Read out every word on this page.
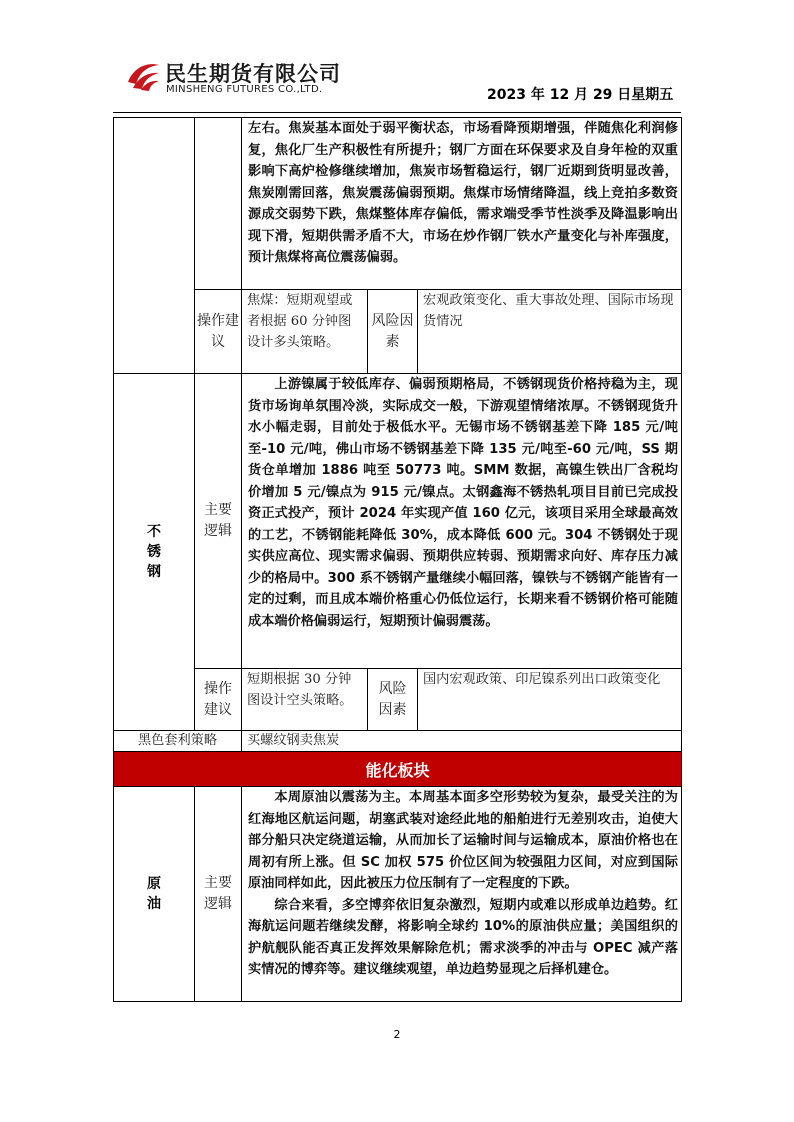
民生期货有限公司
MINSHENG FUTURES CO.,LTD.	2023 年 12 月 29 日星期五
		左右。焦炭基本面处于弱平衡状态，市场看降预期增强，伴随焦化利润修复，焦化厂生产积极性有所提升；钢厂方面在环保要求及自身年检的双重影响下高炉检修继续增加，焦炭市场暂稳运行，钢厂近期到货明显改善，焦炭刚需回落，焦炭震荡偏弱预期。焦煤市场情绪降温，线上竞拍多数资源成交弱势下跌，焦煤整体库存偏低，需求端受季节性淡季及降温影响出现下滑，短期供需矛盾不大，市场在炒作钢厂铁水产量变化与补库强度，预计焦煤将高位震荡偏弱。		
	操作建议	焦煤：短期观望或者根据 60 分钟图设计多头策略。	风险因素	宏观政策变化、重大事故处理、国际市场现货情况

不锈钢	主要逻辑	上游镍属于较低库存、偏弱预期格局，不锈钢现货价格持稳为主，现货市场询单氛围冷淡，实际成交一般，下游观望情绪浓厚。不锈钢现货升水小幅走弱，目前处于极低水平。无锡市场不锈钢基差下降 185 元/吨至-10 元/吨，佛山市场不锈钢基差下降 135 元/吨至-60 元/吨，SS 期货仓单增加 1886 吨至 50773 吨。SMM 数据，高镍生铁出厂含税均价增加 5 元/镍点为 915 元/镍点。太钢鑫海不锈热轧项目目前已完成投资正式投产，预计 2024 年实现产值 160 亿元，该项目采用全球最高效的工艺，不锈钢能耗降低 30%，成本降低 600 元。304 不锈钢处于现实供应高位、现实需求偏弱、预期供应转弱、预期需求向好、库存压力减少的格局中。300 系不锈钢产量继续小幅回落，镍铁与不锈钢产能皆有一定的过剩，而且成本端价格重心仍低位运行，长期来看不锈钢价格可能随成本端价格偏弱运行，短期预计偏弱震荡。		

	操作建议	短期根据 30 分钟图设计空头策略。	风险因素	国内宏观政策、印尼镍系列出口政策变化
黑色套利策略		买螺纹钢卖焦炭		
能化板块				

原油	主要逻辑	本周原油以震荡为主。本周基本面多空形势较为复杂，最受关注的为红海地区航运问题，胡塞武装对途经此地的船舶进行无差别攻击，迫使大部分船只决定绕道运输，从而加长了运输时间与运输成本，原油价格也在周初有所上涨。但 SC 加权 575 价位区间为较强阻力区间，对应到国际原油同样如此，因此被压力位压制有了一定程度的下跌。

综合来看，多空博弈依旧复杂激烈，短期内或难以形成单边趋势。红海航运问题若继续发酵，将影响全球约 10%的原油供应量；美国组织的护航舰队能否真正发挥效果解除危机；需求淡季的冲击与 OPEC 减产落实情况的博弈等。建议继续观望，单边趋势显现之后择机建仓。		

2
